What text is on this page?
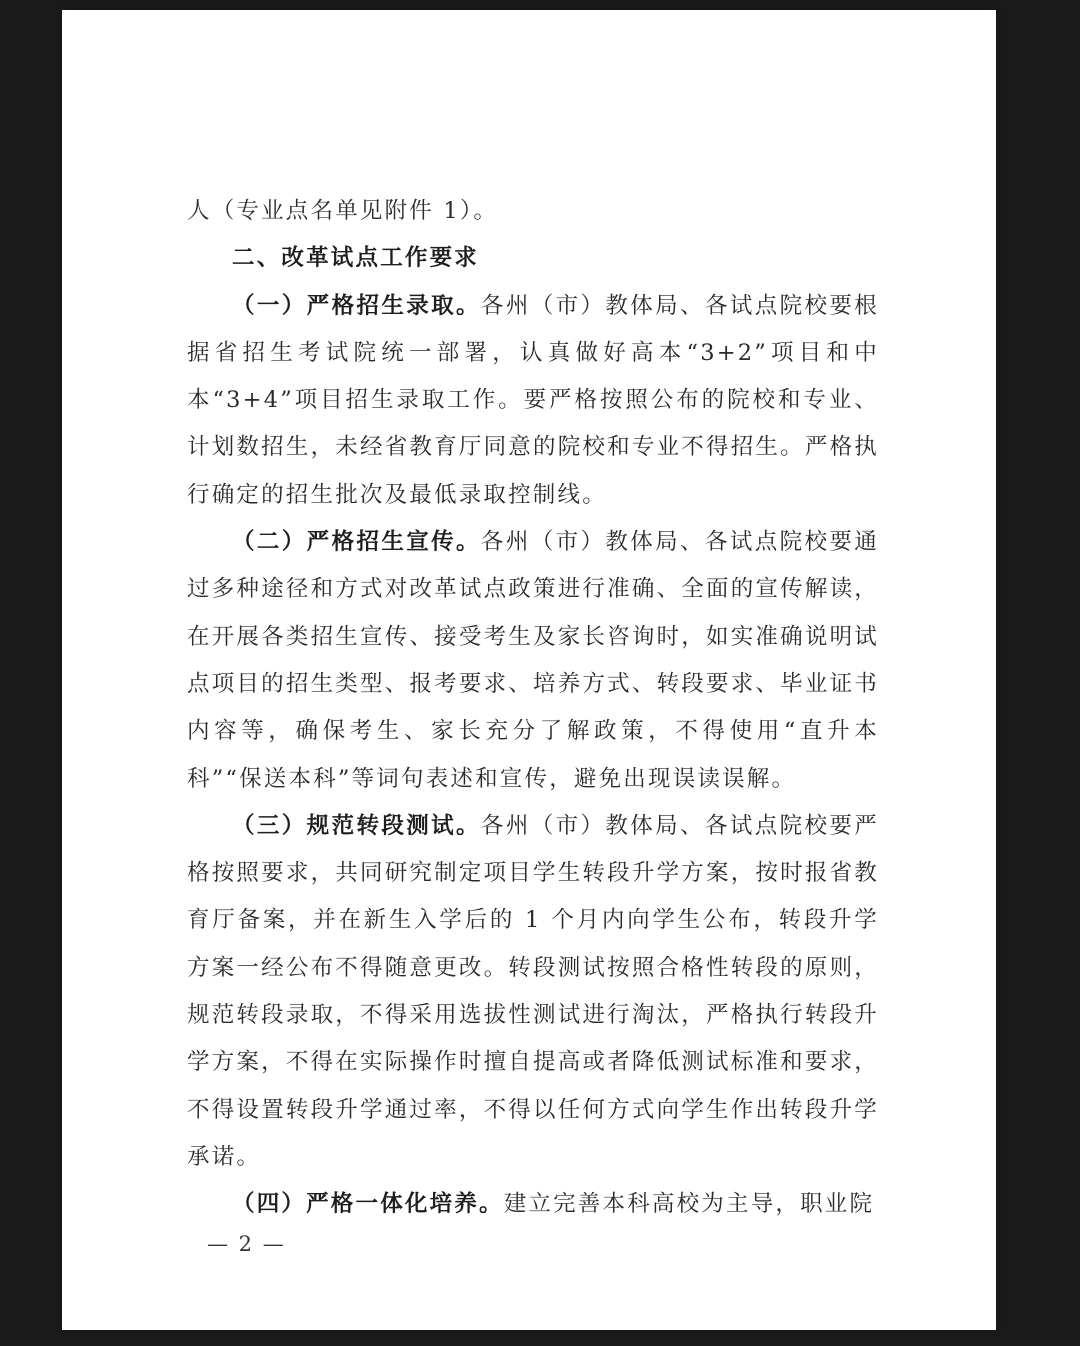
人（专业点名单见附件 1）。

二、改革试点工作要求

（一）严格招生录取。各州（市）教体局、各试点院校要根据省招生考试院统一部署，认真做好高本“3+2”项目和中本“3+4”项目招生录取工作。要严格按照公布的院校和专业、计划数招生，未经省教育厅同意的院校和专业不得招生。严格执行确定的招生批次及最低录取控制线。

（二）严格招生宣传。各州（市）教体局、各试点院校要通过多种途径和方式对改革试点政策进行准确、全面的宣传解读，在开展各类招生宣传、接受考生及家长咨询时，如实准确说明试点项目的招生类型、报考要求、培养方式、转段要求、毕业证书内容等，确保考生、家长充分了解政策，不得使用“直升本科”“保送本科”等词句表述和宣传，避免出现误读误解。

（三）规范转段测试。各州（市）教体局、各试点院校要严格按照要求，共同研究制定项目学生转段升学方案，按时报省教育厅备案，并在新生入学后的 1 个月内向学生公布，转段升学方案一经公布不得随意更改。转段测试按照合格性转段的原则，规范转段录取，不得采用选拔性测试进行淘汰，严格执行转段升学方案，不得在实际操作时擅自提高或者降低测试标准和要求，不得设置转段升学通过率，不得以任何方式向学生作出转段升学承诺。

（四）严格一体化培养。建立完善本科高校为主导，职业院

— 2 —
